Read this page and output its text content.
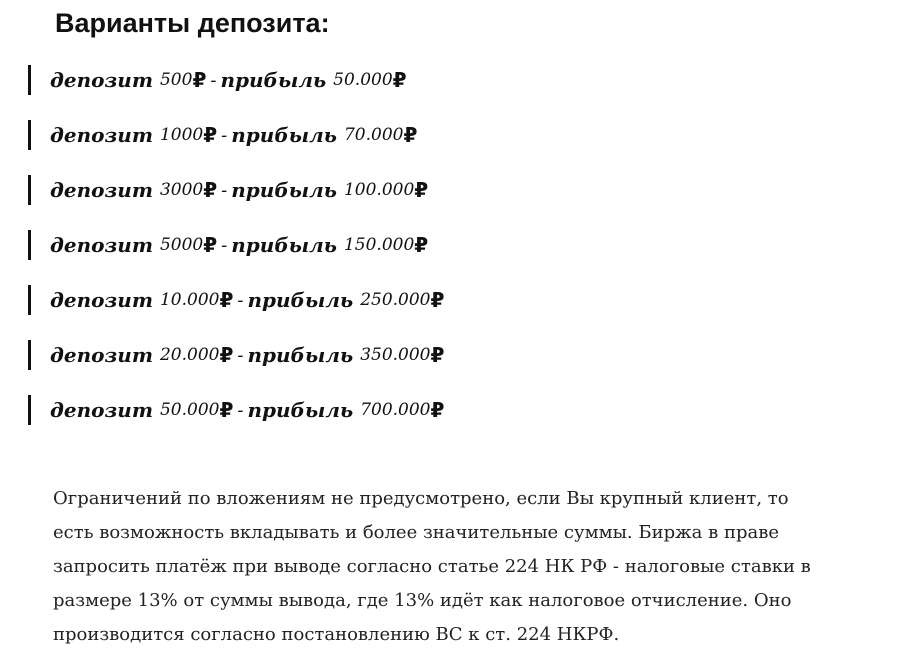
Варианты депозита:
депозит 500 ₽ - прибыль 50.000 ₽
депозит 1000 ₽ - прибыль 70.000 ₽
депозит 3000 ₽ - прибыль 100.000 ₽
депозит 5000 ₽ - прибыль 150.000 ₽
депозит 10.000 ₽ - прибыль 250.000 ₽
депозит 20.000 ₽ - прибыль 350.000 ₽
депозит 50.000 ₽ - прибыль 700.000 ₽

Ограничений по вложениям не предусмотрено, если Вы крупный клиент, то
есть возможность вкладывать и более значительные суммы. Биржа в праве
запросить платёж при выводе согласно статье 224 НК РФ - налоговые ставки в
размере 13% от суммы вывода, где 13% идёт как налоговое отчисление. Оно
производится согласно постановлению ВС к ст. 224 НКРФ.
